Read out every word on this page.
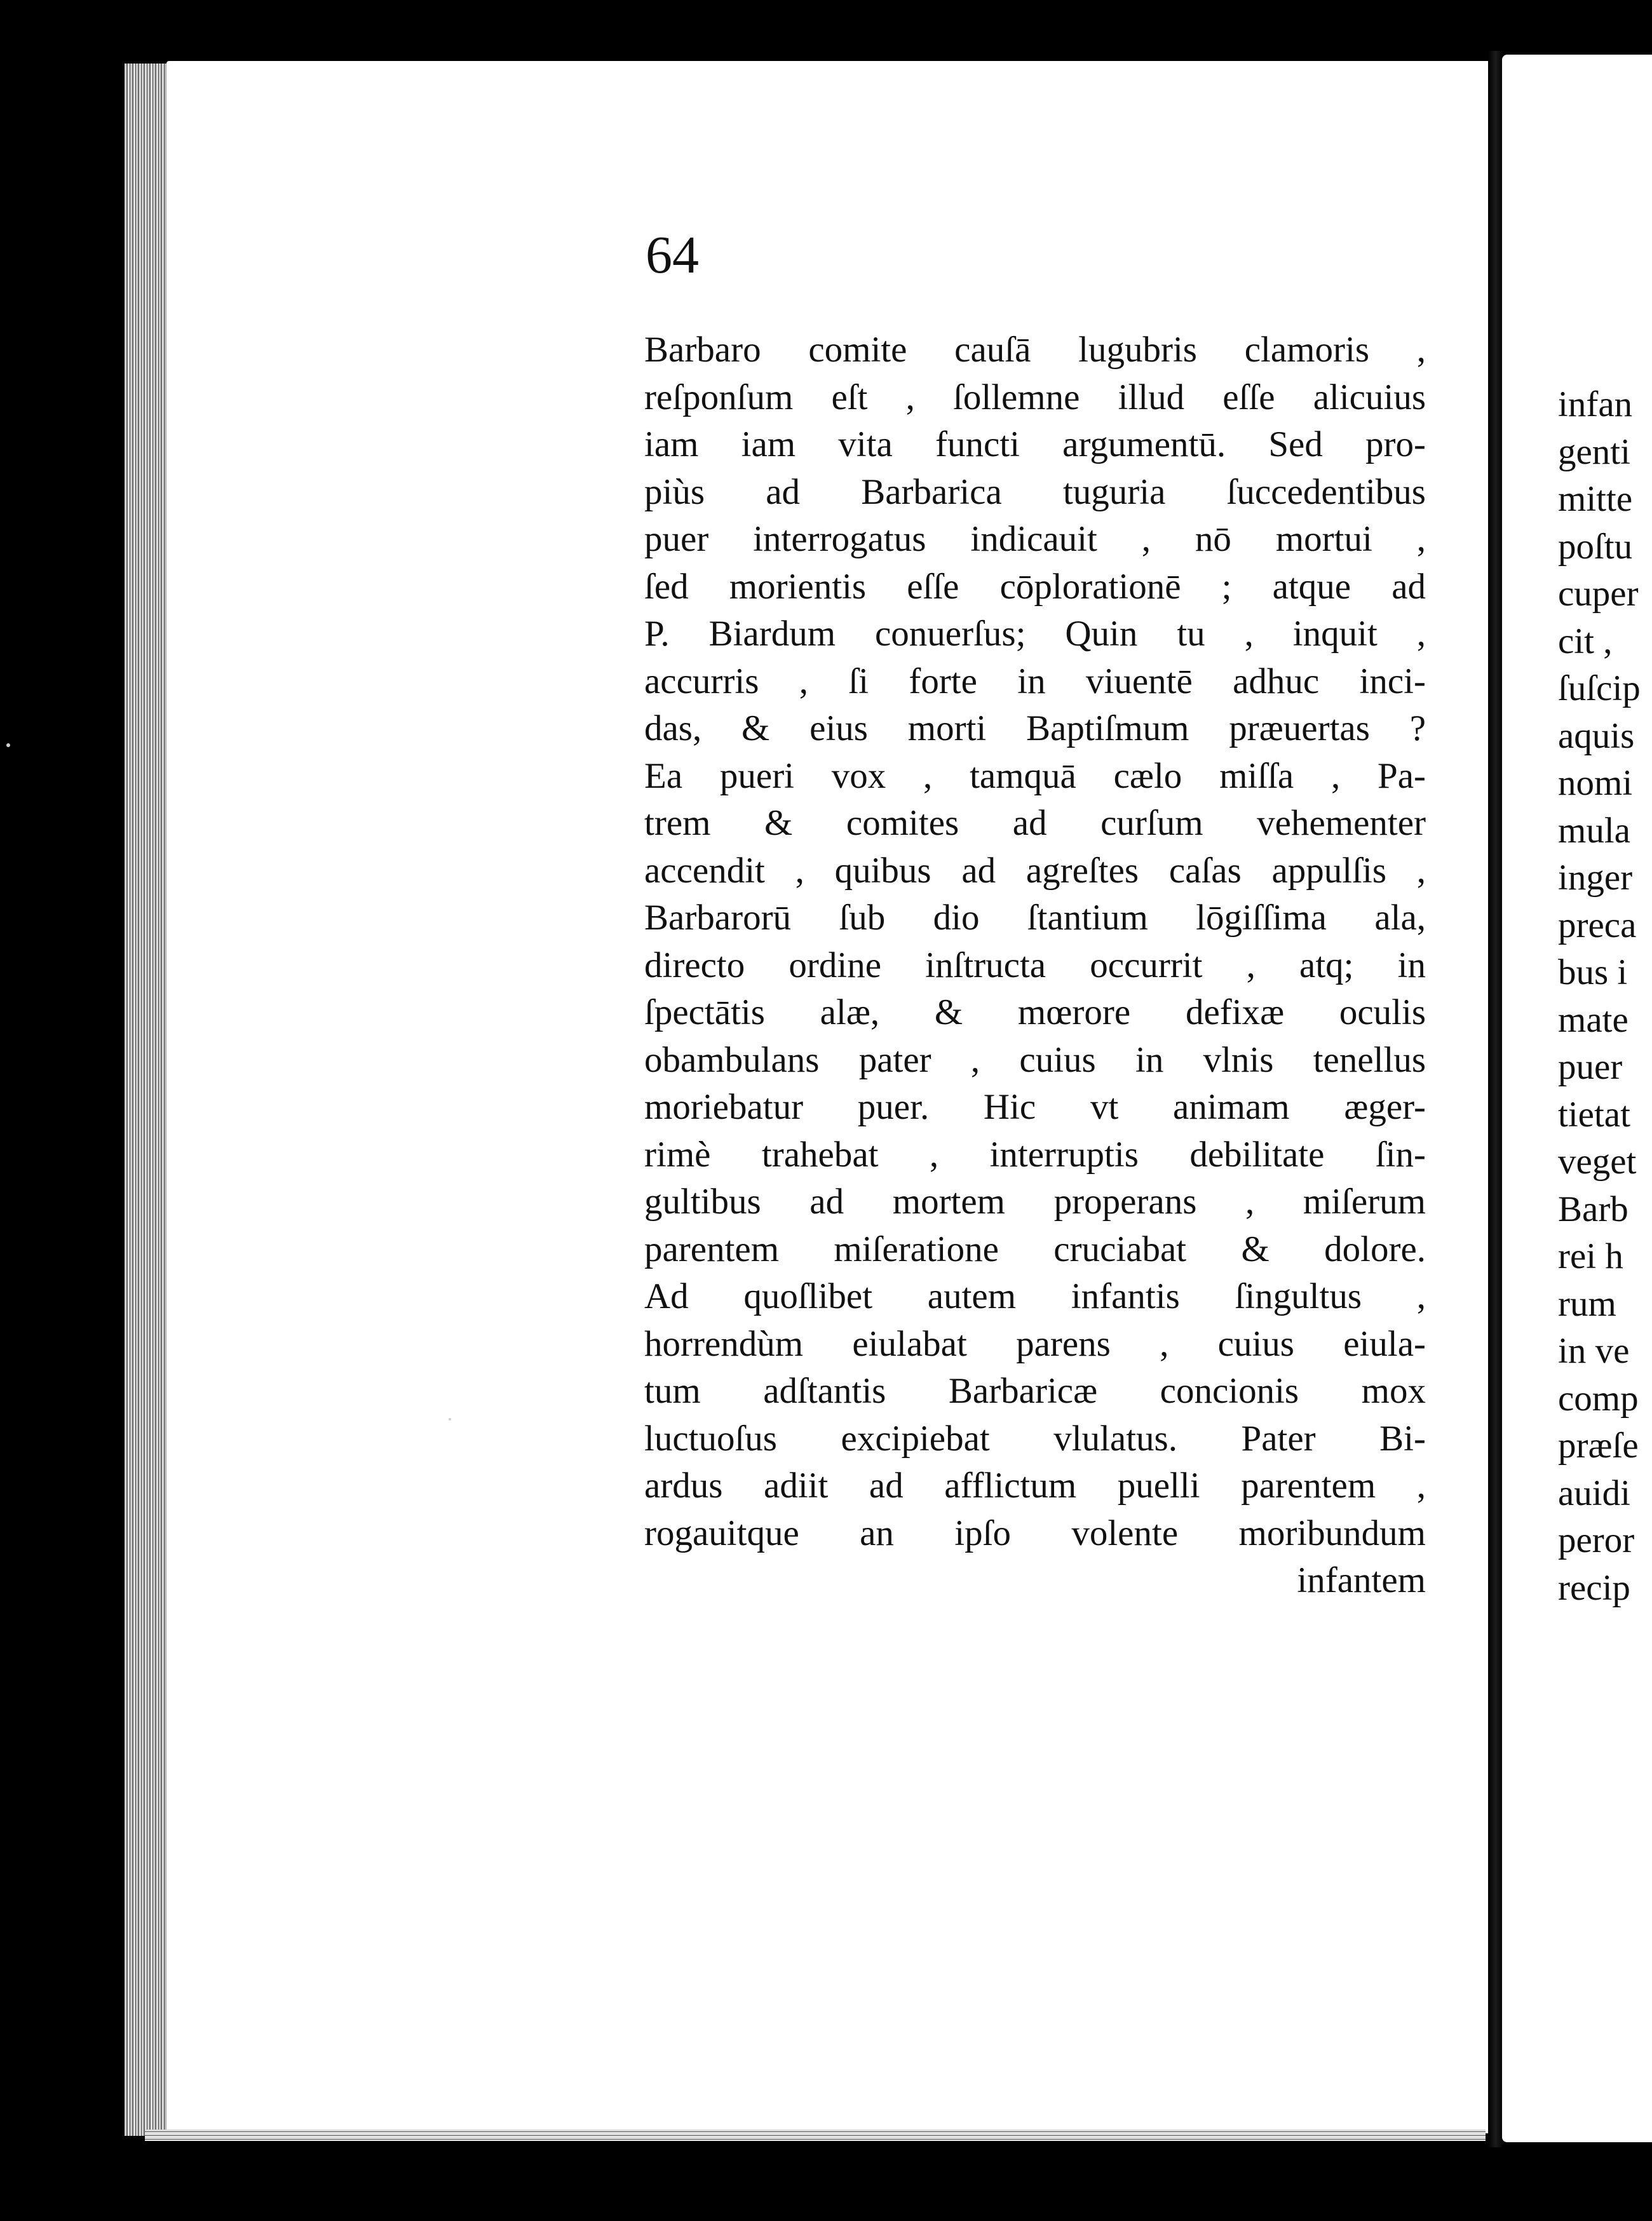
infan
genti
mitte
poſtu
cuper
cit ,
ſuſcip
aquis
nomi
mula
inger
preca
bus i
mate
puer
tietat
veget
Barb
rei h
rum
in ve
comp
præſe
auidi
peror
recip
64
Barbaro comite cauſā lugubris clamoris ,
reſponſum eſt , ſollemne illud eſſe alicuius
iam iam vita functi argumentū. Sed pro-
piùs ad Barbarica tuguria ſuccedentibus
puer interrogatus indicauit , nō mortui ,
ſed morientis eſſe cōplorationē ; atque ad
P. Biardum conuerſus; Quin tu , inquit ,
accurris , ſi forte in viuentē adhuc inci-
das, & eius morti Baptiſmum præuertas ?
Ea pueri vox , tamquā cælo miſſa , Pa-
trem & comites ad curſum vehementer
accendit , quibus ad agreſtes caſas appulſis ,
Barbarorū ſub dio ſtantium lōgiſſima ala,
directo ordine inſtructa occurrit , atq; in
ſpectātis alæ, & mœrore defixæ oculis
obambulans pater , cuius in vlnis tenellus
moriebatur puer. Hic vt animam æger-
rimè trahebat , interruptis debilitate ſin-
gultibus ad mortem properans , miſerum
parentem miſeratione cruciabat & dolore.
Ad quoſlibet autem infantis ſingultus ,
horrendùm eiulabat parens , cuius eiula-
tum adſtantis Barbaricæ concionis mox
luctuoſus excipiebat vlulatus. Pater Bi-
ardus adiit ad afflictum puelli parentem ,
rogauitque an ipſo volente moribundum
infantem
